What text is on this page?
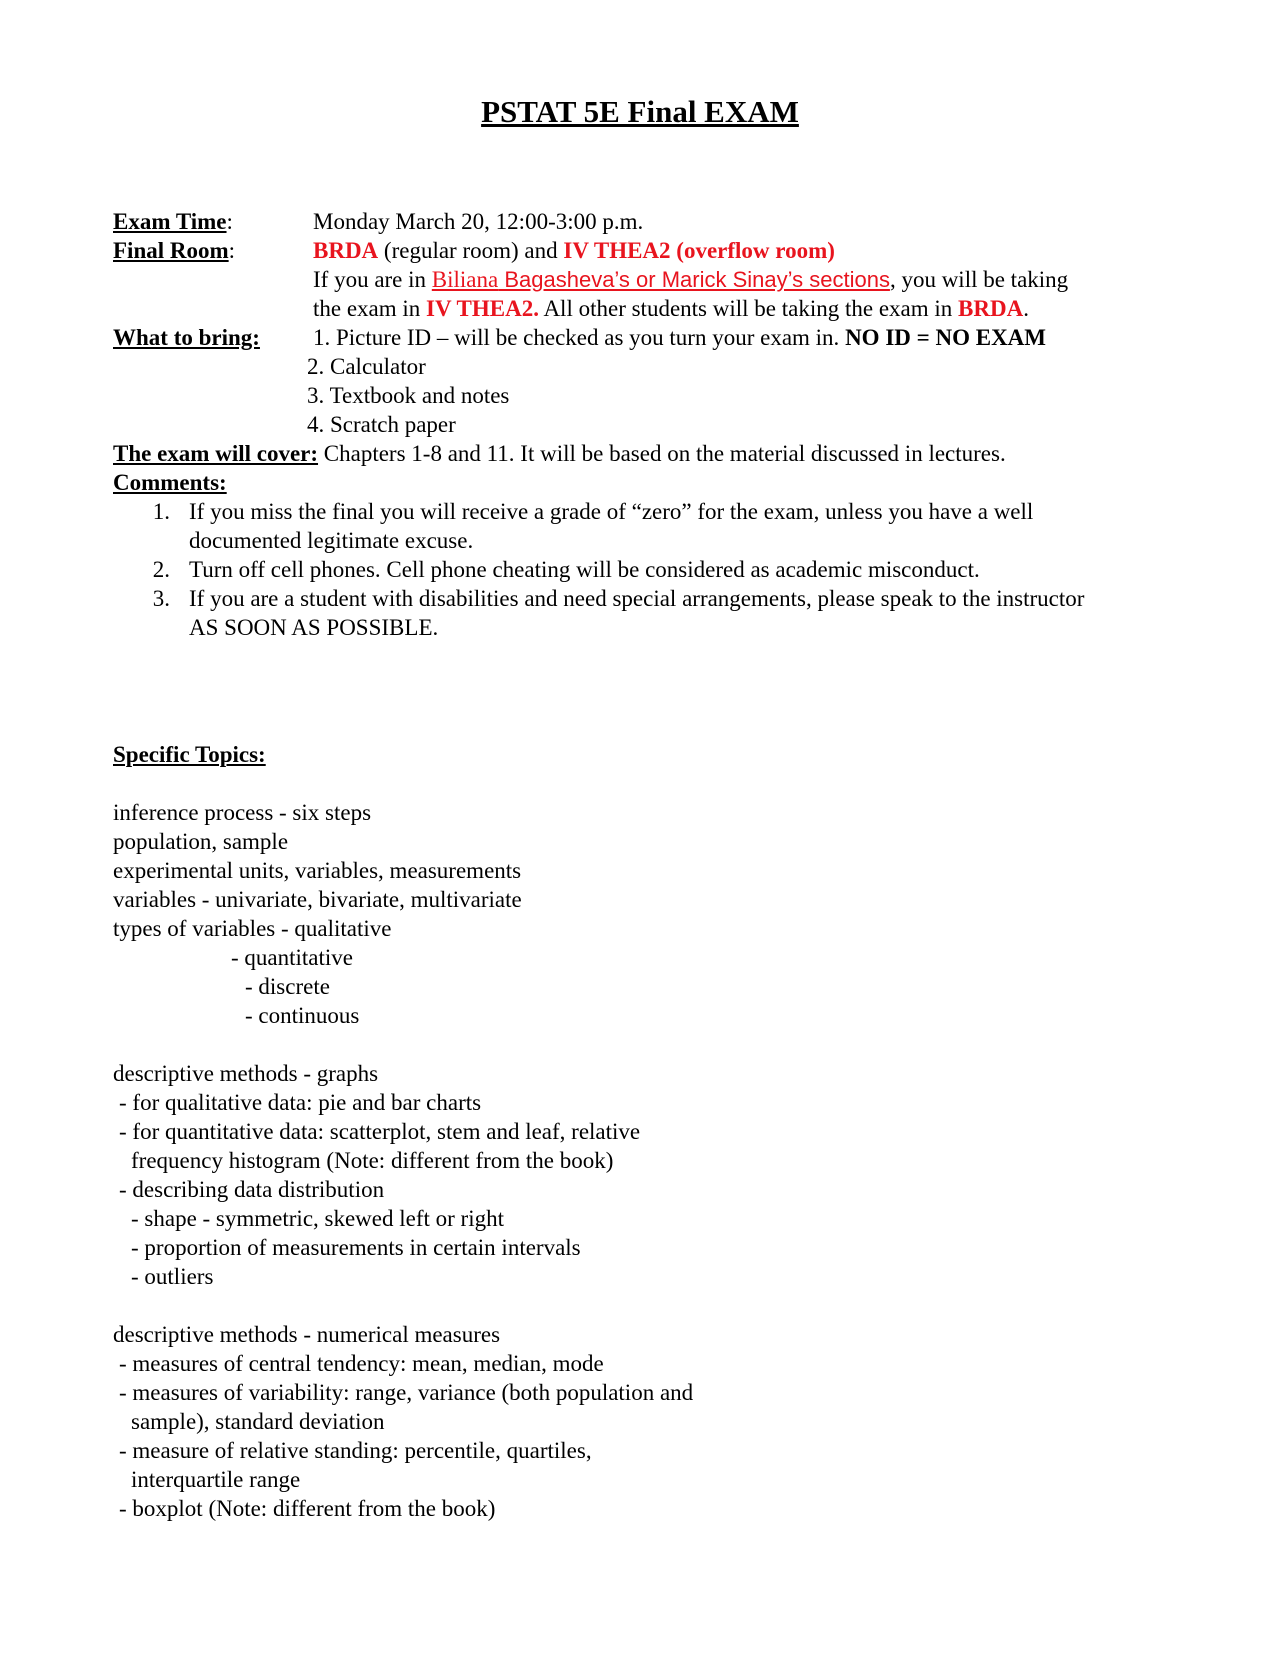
PSTAT 5E Final EXAM
Exam Time:	Monday March 20, 12:00-3:00 p.m.
Final Room:	BRDA (regular room) and IV THEA2 (overflow room)
If you are in Biliana Bagasheva’s or Marick Sinay’s sections, you will be taking
the exam in IV THEA2. All other students will be taking the exam in BRDA.
What to bring: 1. Picture ID – will be checked as you turn your exam in. NO ID = NO EXAM
2. Calculator
3. Textbook and notes
4. Scratch paper
The exam will cover: Chapters 1-8 and 11. It will be based on the material discussed in lectures.
Comments:
1. If you miss the final you will receive a grade of “zero” for the exam, unless you have a well
documented legitimate excuse.
2. Turn off cell phones. Cell phone cheating will be considered as academic misconduct.
3. If you are a student with disabilities and need special arrangements, please speak to the instructor
AS SOON AS POSSIBLE.
Specific Topics:
inference process - six steps
population, sample
experimental units, variables, measurements
variables - univariate, bivariate, multivariate
types of variables - qualitative
- quantitative
- discrete
- continuous
descriptive methods - graphs
- for qualitative data: pie and bar charts
- for quantitative data: scatterplot, stem and leaf, relative
frequency histogram (Note: different from the book)
- describing data distribution
- shape - symmetric, skewed left or right
- proportion of measurements in certain intervals
- outliers
descriptive methods - numerical measures
- measures of central tendency: mean, median, mode
- measures of variability: range, variance (both population and
sample), standard deviation
- measure of relative standing: percentile, quartiles,
interquartile range
- boxplot (Note: different from the book)
